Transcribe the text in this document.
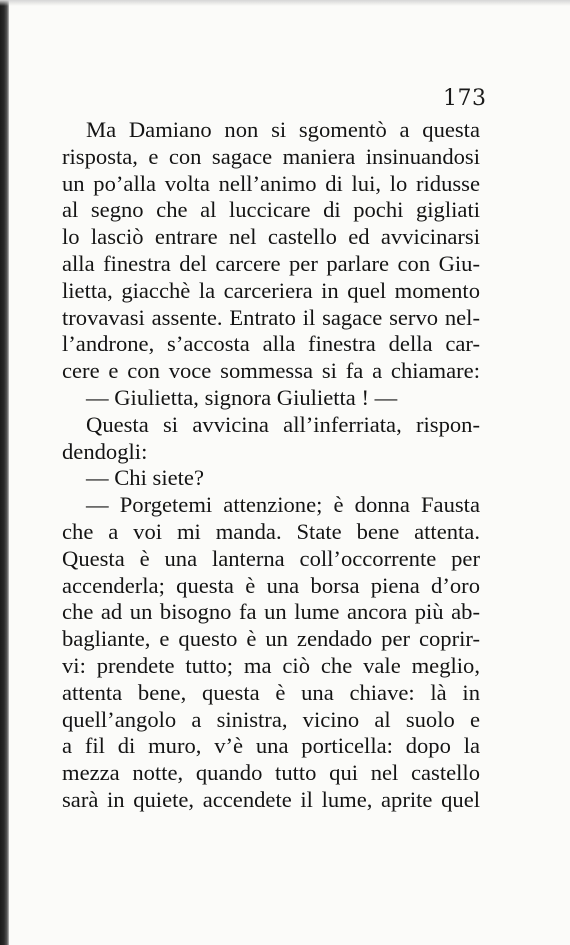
173
Ma Damiano non si sgomentò a questa
risposta, e con sagace maniera insinuandosi
un po’alla volta nell’animo di lui, lo ridusse
al segno che al luccicare di pochi gigliati
lo lasciò entrare nel castello ed avvicinarsi
alla finestra del carcere per parlare con Giu-
lietta, giacchè la carceriera in quel momento
trovavasi assente. Entrato il sagace servo nel-
l’androne, s’accosta alla finestra della car-
cere e con voce sommessa si fa a chiamare:
— Giulietta, signora Giulietta ! —
Questa si avvicina all’inferriata, rispon-
dendogli:
— Chi siete?
— Porgetemi attenzione; è donna Fausta
che a voi mi manda. State bene attenta.
Questa è una lanterna coll’occorrente per
accenderla; questa è una borsa piena d’oro
che ad un bisogno fa un lume ancora più ab-
bagliante, e questo è un zendado per coprir-
vi: prendete tutto; ma ciò che vale meglio,
attenta bene, questa è una chiave: là in
quell’angolo a sinistra, vicino al suolo e
a fil di muro, v’è una porticella: dopo la
mezza notte, quando tutto qui nel castello
sarà in quiete, accendete il lume, aprite quel
